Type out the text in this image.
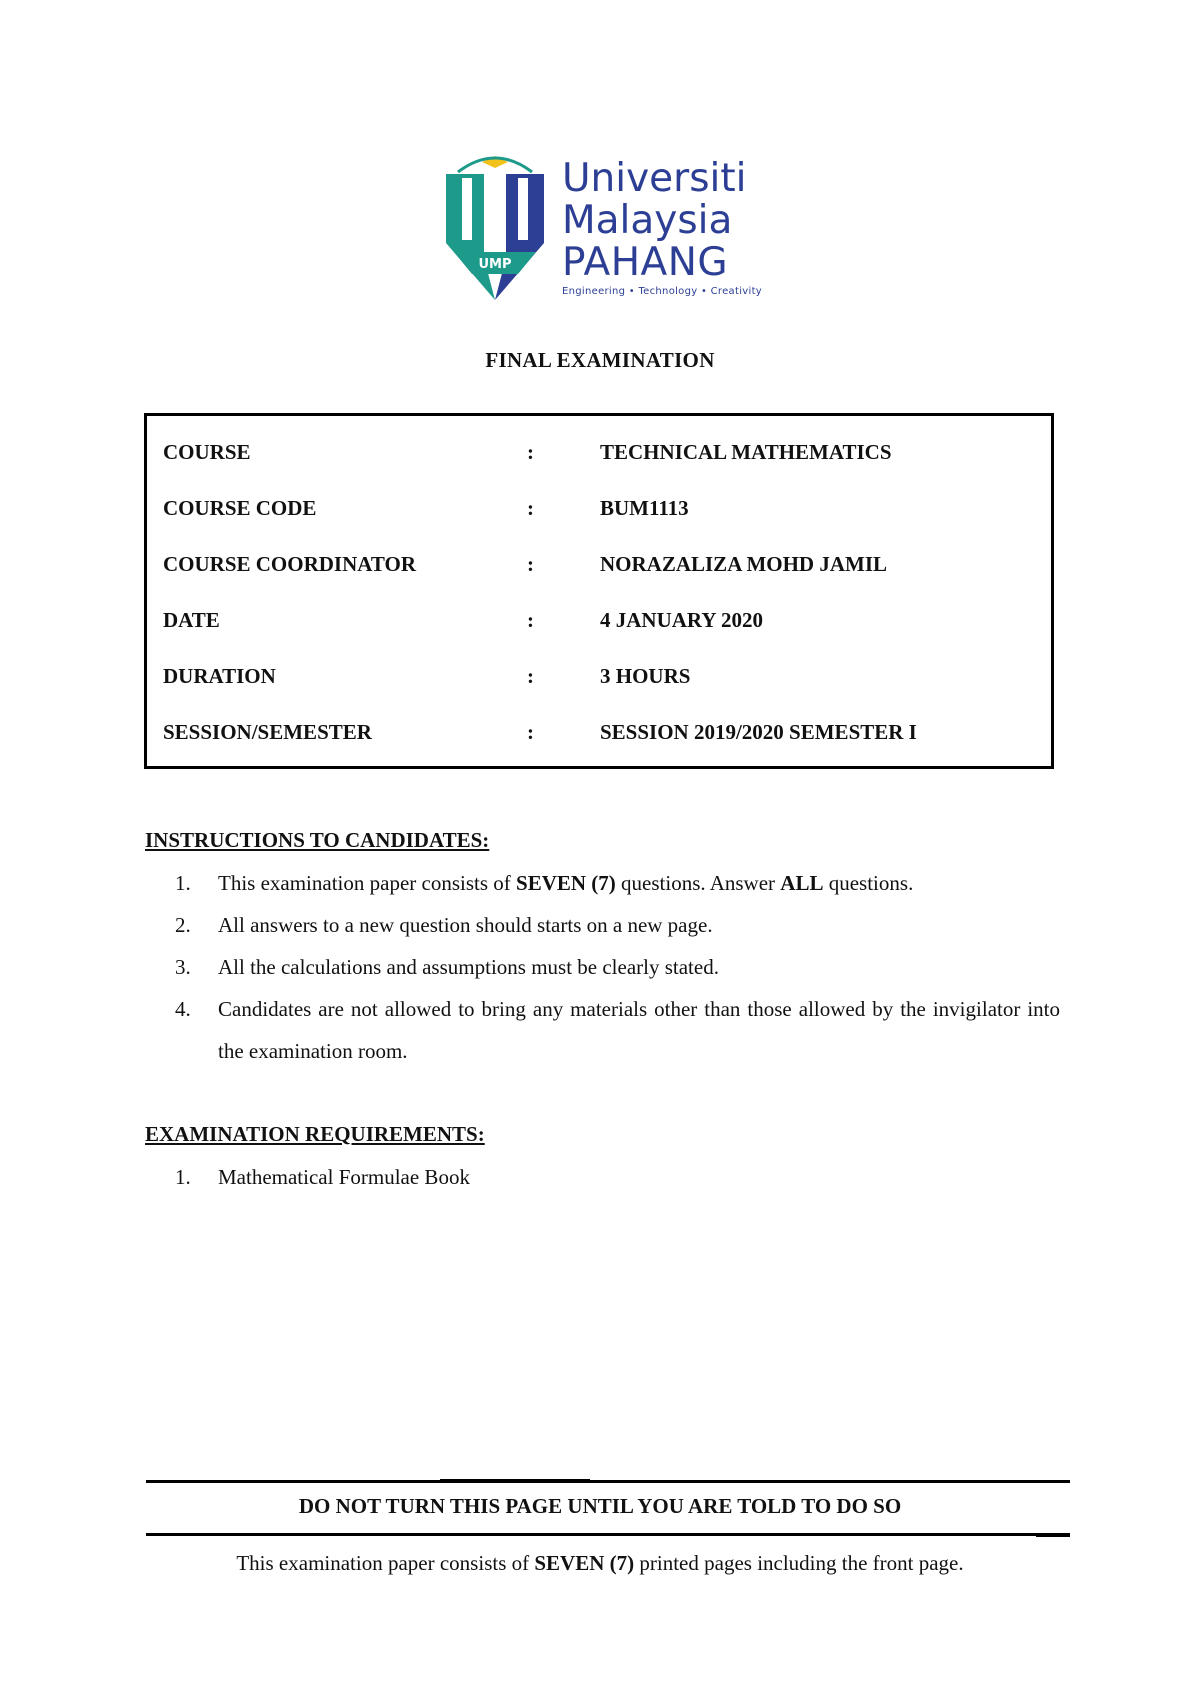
UMP
Universiti
Malaysia
PAHANG
Engineering • Technology • Creativity
FINAL EXAMINATION
COURSE	:	TECHNICAL MATHEMATICS
COURSE CODE	:	BUM1113
COURSE COORDINATOR	:	NORAZALIZA MOHD JAMIL
DATE	:	4 JANUARY 2020
DURATION	:	3 HOURS
SESSION/SEMESTER	:	SESSION 2019/2020 SEMESTER I
INSTRUCTIONS TO CANDIDATES:
1. This examination paper consists of SEVEN (7) questions. Answer ALL questions.
2. All answers to a new question should starts on a new page.
3. All the calculations and assumptions must be clearly stated.
4. Candidates are not allowed to bring any materials other than those allowed by the invigilator into the examination room.
EXAMINATION REQUIREMENTS:
1. Mathematical Formulae Book
DO NOT TURN THIS PAGE UNTIL YOU ARE TOLD TO DO SO
This examination paper consists of SEVEN (7) printed pages including the front page.
